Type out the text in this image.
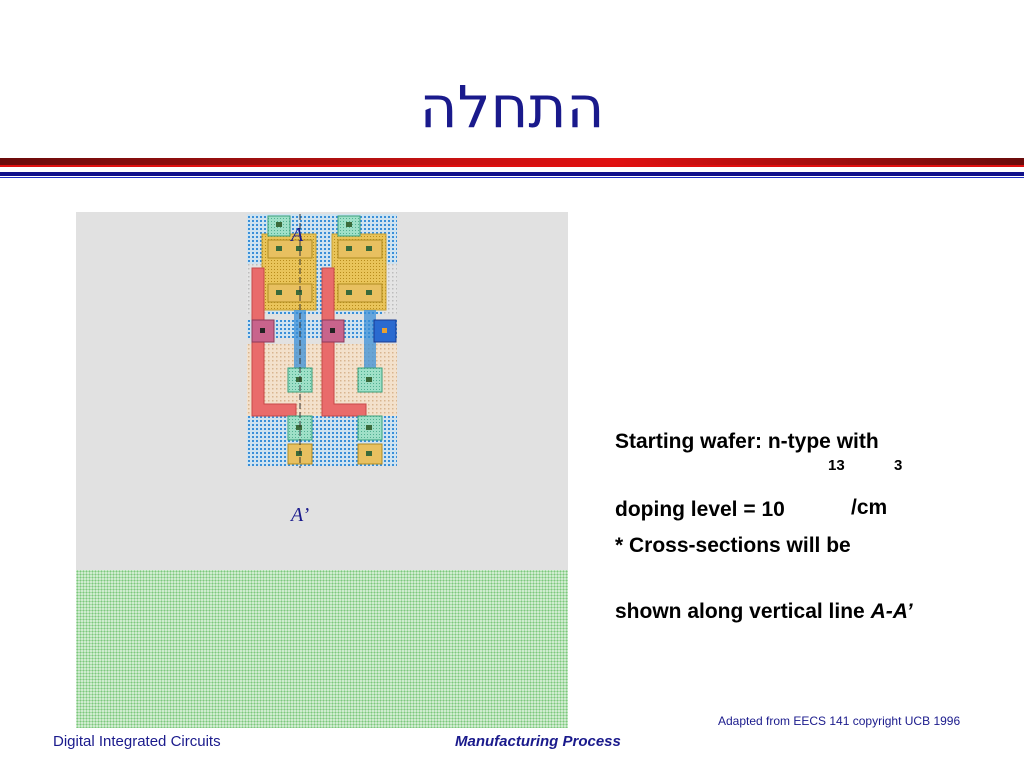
התחלה
A
A’
Starting wafer: n-type with
13	3
doping level = 10	/cm
* Cross-sections will be
shown along vertical line A-A’
Adapted from EECS 141 copyright UCB 1996
Digital Integrated Circuits	Manufacturing Process
